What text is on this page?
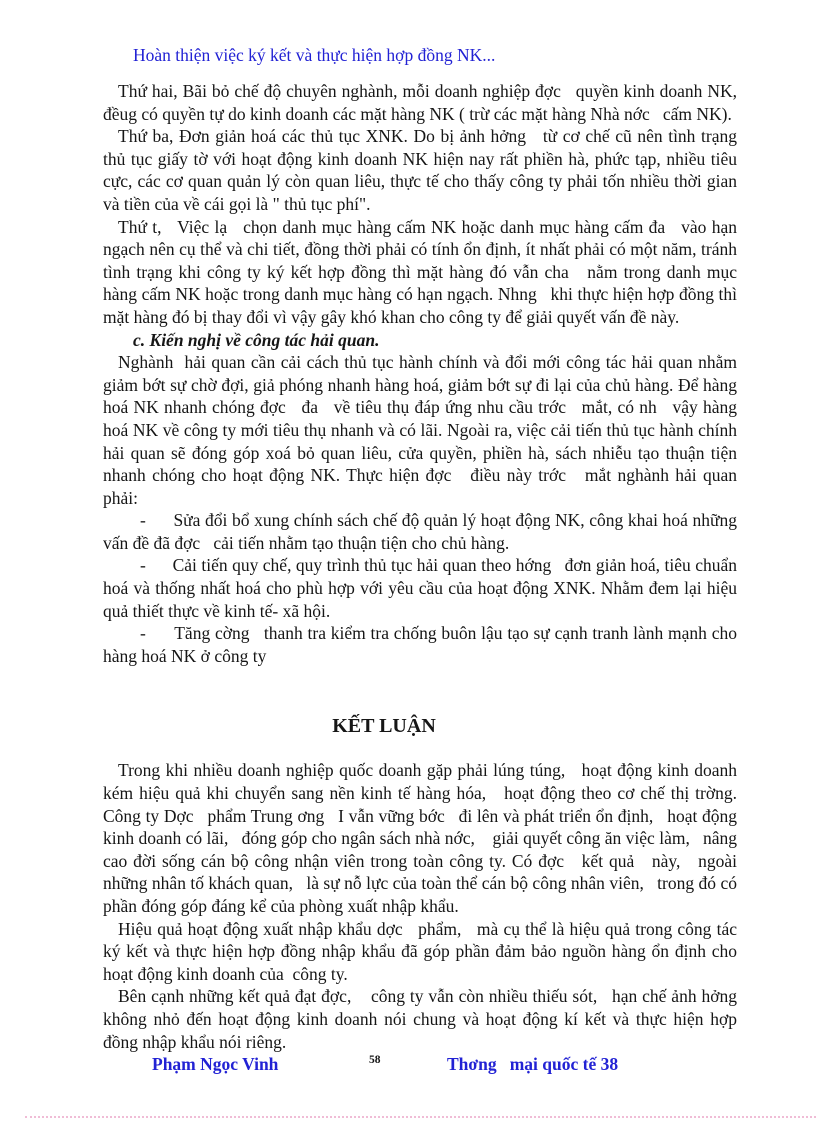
Hoàn thiện việc ký kết và thực hiện hợp đồng NK...

Thứ hai, Bãi bỏ chế độ chuyên nghành, mỗi doanh nghiệp đợc   quyền kinh doanh NK, đềug có quyền tự do kinh doanh các mặt hàng NK ( trừ các mặt hàng Nhà nớc   cấm NK).

Thứ ba, Đơn giản hoá các thủ tục XNK. Do bị ảnh hởng   từ cơ chế cũ nên tình trạng thủ tục giấy tờ với hoạt động kinh doanh NK hiện nay rất phiền hà, phức tạp, nhiều tiêu cực, các cơ quan quản lý còn quan liêu, thực tế cho thấy công ty phải tốn nhiều thời gian và tiền của về cái gọi là " thủ tục phí".

Thứ t,   Việc lạ   chọn danh mục hàng cấm NK hoặc danh mục hàng cấm đa   vào hạn ngạch nên cụ thể và chi tiết, đồng thời phải có tính ổn định, ít nhất phải có một năm, tránh tình trạng khi công ty ký kết hợp đồng thì mặt hàng đó vẫn cha   nằm trong danh mục hàng cấm NK hoặc trong danh mục hàng có hạn ngạch. Nhng   khi thực hiện hợp đồng thì mặt hàng đó bị thay đổi vì vậy gây khó khan cho công ty để giải quyết vấn đề này.

c. Kiến nghị về công tác hải quan.

Nghành  hải quan cần cải cách thủ tục hành chính và đổi mới công tác hải quan nhằm giảm bớt sự chờ đợi, giả phóng nhanh hàng hoá, giảm bớt sự đi lại của chủ hàng. Để hàng hoá NK nhanh chóng đợc   đa   về tiêu thụ đáp ứng nhu cầu trớc   mắt, có nh   vậy hàng hoá NK về công ty mới tiêu thụ nhanh và có lãi. Ngoài ra, việc cải tiến thủ tục hành chính hải quan sẽ đóng góp xoá bỏ quan liêu, cửa quyền, phiền hà, sách nhiễu tạo thuận tiện nhanh chóng cho hoạt động NK. Thực hiện đợc   điều này trớc   mắt nghành hải quan phải:

-      Sửa đổi bổ xung chính sách chế độ quản lý hoạt động NK, công khai hoá những vấn đề đã đợc   cải tiến nhằm tạo thuận tiện cho chủ hàng.

-      Cải tiến quy chế, quy trình thủ tục hải quan theo hớng   đơn giản hoá, tiêu chuẩn hoá và thống nhất hoá cho phù hợp với yêu cầu của hoạt động XNK. Nhằm đem lại hiệu quả thiết thực về kinh tế- xã hội.

-      Tăng cờng   thanh tra kiểm tra chống buôn lậu tạo sự cạnh tranh lành mạnh cho hàng hoá NK ở công ty

KẾT LUẬN

Trong khi nhiều doanh nghiệp quốc doanh gặp phải lúng túng,   hoạt động kinh doanh kém hiệu quả khi chuyển sang nền kinh tế hàng hóa,   hoạt động theo cơ chế thị trờng.   Công ty Dợc   phẩm Trung ơng   I vẫn vững bớc   đi lên và phát triển ổn định,   hoạt động kinh doanh có lãi,   đóng góp cho ngân sách nhà nớc,    giải quyết công ăn việc làm,   nâng cao đời sống cán bộ công nhận viên trong toàn công ty. Có đợc   kết quả   này,   ngoài những nhân tố khách quan,   là sự nỗ lực của toàn thể cán bộ công nhân viên,   trong đó có phần đóng góp đáng kể của phòng xuất nhập khẩu.

Hiệu quả hoạt động xuất nhập khẩu dợc   phẩm,   mà cụ thể là hiệu quả trong công tác ký kết và thực hiện hợp đồng nhập khẩu đã góp phần đảm bảo nguồn hàng ổn định cho hoạt động kinh doanh của  công ty.

Bên cạnh những kết quả đạt đợc,    công ty vẫn còn nhiều thiếu sót,   hạn chế ảnh hởng   không nhỏ đến hoạt động kinh doanh nói chung và hoạt động kí kết và thực hiện hợp đồng nhập khẩu nói riêng.

Phạm Ngọc Vinh	58	Thơng   mại quốc tế 38
